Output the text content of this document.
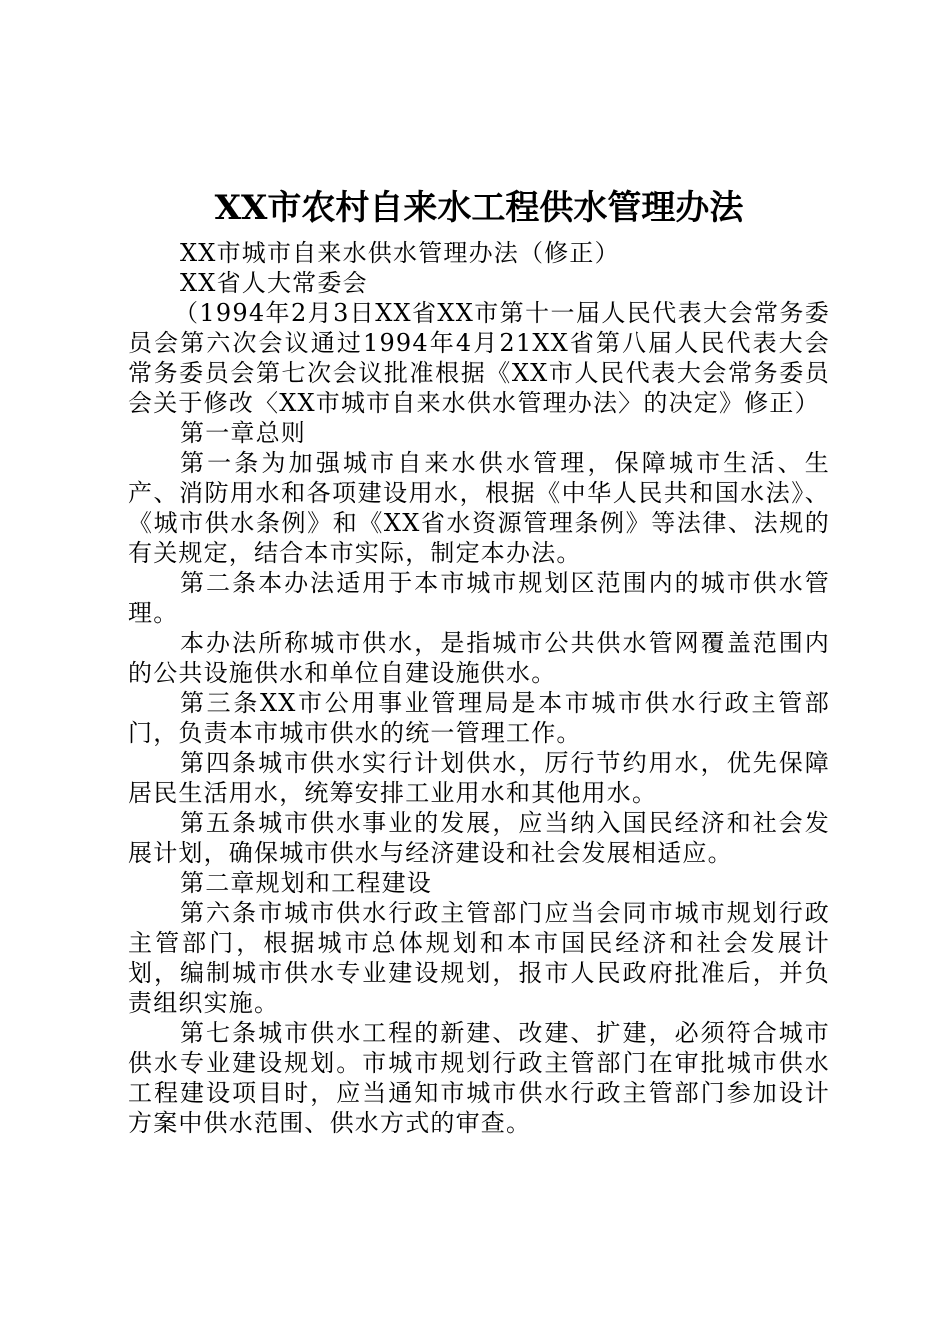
XX市农村自来水工程供水管理办法

XX市城市自来水供水管理办法（修正）

XX省人大常委会

（1994年2月3日XX省XX市第十一届人民代表大会常务委员会第六次会议通过1994年4月21XX省第八届人民代表大会常务委员会第七次会议批准根据《XX市人民代表大会常务委员会关于修改〈XX市城市自来水供水管理办法〉的决定》修正）

第一章总则

第一条为加强城市自来水供水管理，保障城市生活、生产、消防用水和各项建设用水，根据《中华人民共和国水法》、《城市供水条例》和《XX省水资源管理条例》等法律、法规的有关规定，结合本市实际，制定本办法。

第二条本办法适用于本市城市规划区范围内的城市供水管理。

本办法所称城市供水，是指城市公共供水管网覆盖范围内的公共设施供水和单位自建设施供水。

第三条XX市公用事业管理局是本市城市供水行政主管部门，负责本市城市供水的统一管理工作。

第四条城市供水实行计划供水，厉行节约用水，优先保障居民生活用水，统筹安排工业用水和其他用水。

第五条城市供水事业的发展，应当纳入国民经济和社会发展计划，确保城市供水与经济建设和社会发展相适应。

第二章规划和工程建设

第六条市城市供水行政主管部门应当会同市城市规划行政主管部门，根据城市总体规划和本市国民经济和社会发展计划，编制城市供水专业建设规划，报市人民政府批准后，并负责组织实施。

第七条城市供水工程的新建、改建、扩建，必须符合城市供水专业建设规划。市城市规划行政主管部门在审批城市供水工程建设项目时，应当通知市城市供水行政主管部门参加设计方案中供水范围、供水方式的审查。
